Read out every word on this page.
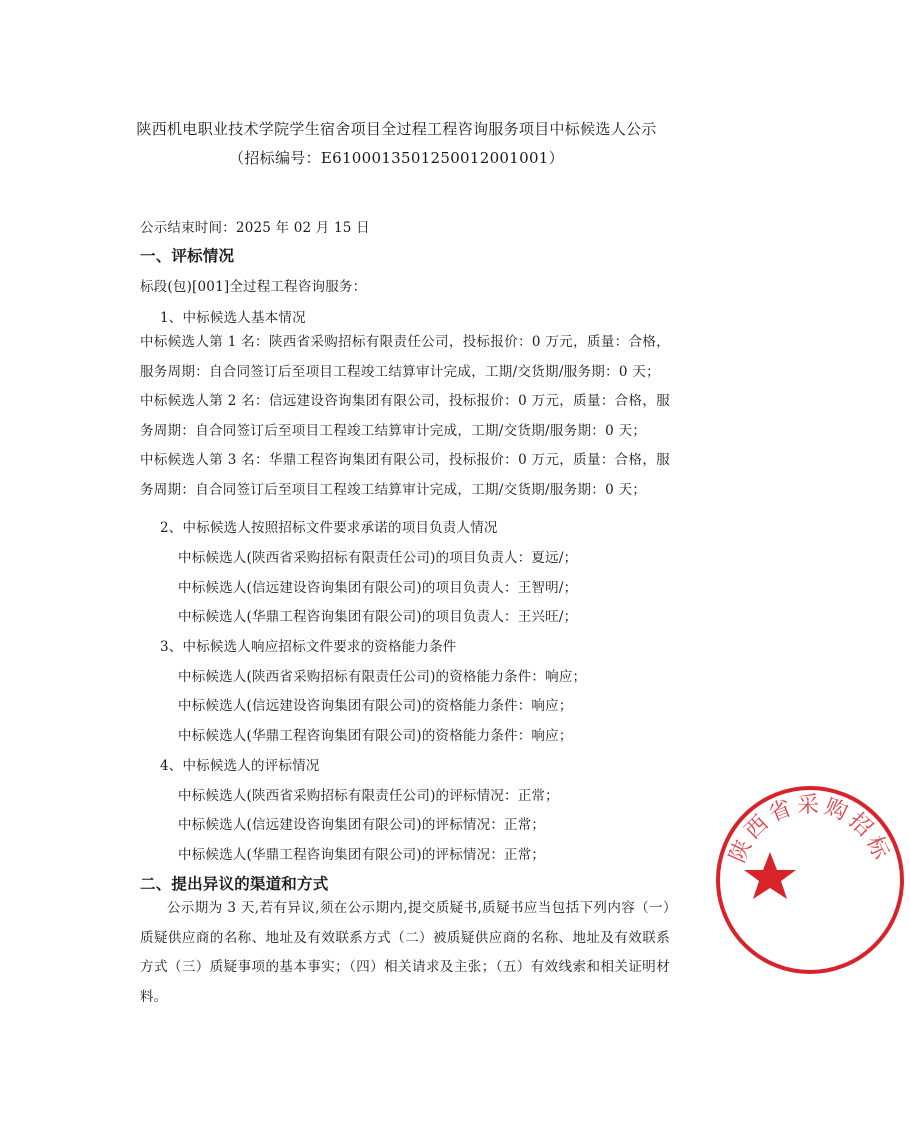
陕西机电职业技术学院学生宿舍项目全过程工程咨询服务项目中标候选人公示
（招标编号：E6100013501250012001001）
公示结束时间：2025 年 02 月 15 日
一、评标情况
标段(包)[001]全过程工程咨询服务：
1、中标候选人基本情况
中标候选人第 1 名：陕西省采购招标有限责任公司，投标报价：0 万元，质量：合格，服务周期：自合同签订后至项目工程竣工结算审计完成，工期/交货期/服务期：0 天；
中标候选人第 2 名：信远建设咨询集团有限公司，投标报价：0 万元，质量：合格，服务周期：自合同签订后至项目工程竣工结算审计完成，工期/交货期/服务期：0 天；
中标候选人第 3 名：华鼎工程咨询集团有限公司，投标报价：0 万元，质量：合格，服务周期：自合同签订后至项目工程竣工结算审计完成，工期/交货期/服务期：0 天；
2、中标候选人按照招标文件要求承诺的项目负责人情况
中标候选人(陕西省采购招标有限责任公司)的项目负责人：夏远/；
中标候选人(信远建设咨询集团有限公司)的项目负责人：王智明/；
中标候选人(华鼎工程咨询集团有限公司)的项目负责人：王兴旺/；
3、中标候选人响应招标文件要求的资格能力条件
中标候选人(陕西省采购招标有限责任公司)的资格能力条件：响应；
中标候选人(信远建设咨询集团有限公司)的资格能力条件：响应；
中标候选人(华鼎工程咨询集团有限公司)的资格能力条件：响应；
4、中标候选人的评标情况
中标候选人(陕西省采购招标有限责任公司)的评标情况：正常；
中标候选人(信远建设咨询集团有限公司)的评标情况：正常；
中标候选人(华鼎工程咨询集团有限公司)的评标情况：正常；
二、提出异议的渠道和方式
公示期为 3 天,若有异议,须在公示期内,提交质疑书,质疑书应当包括下列内容（一）质疑供应商的名称、地址及有效联系方式（二）被质疑供应商的名称、地址及有效联系方式（三）质疑事项的基本事实；（四）相关请求及主张；（五）有效线索和相关证明材料。
陕西省采购招标
